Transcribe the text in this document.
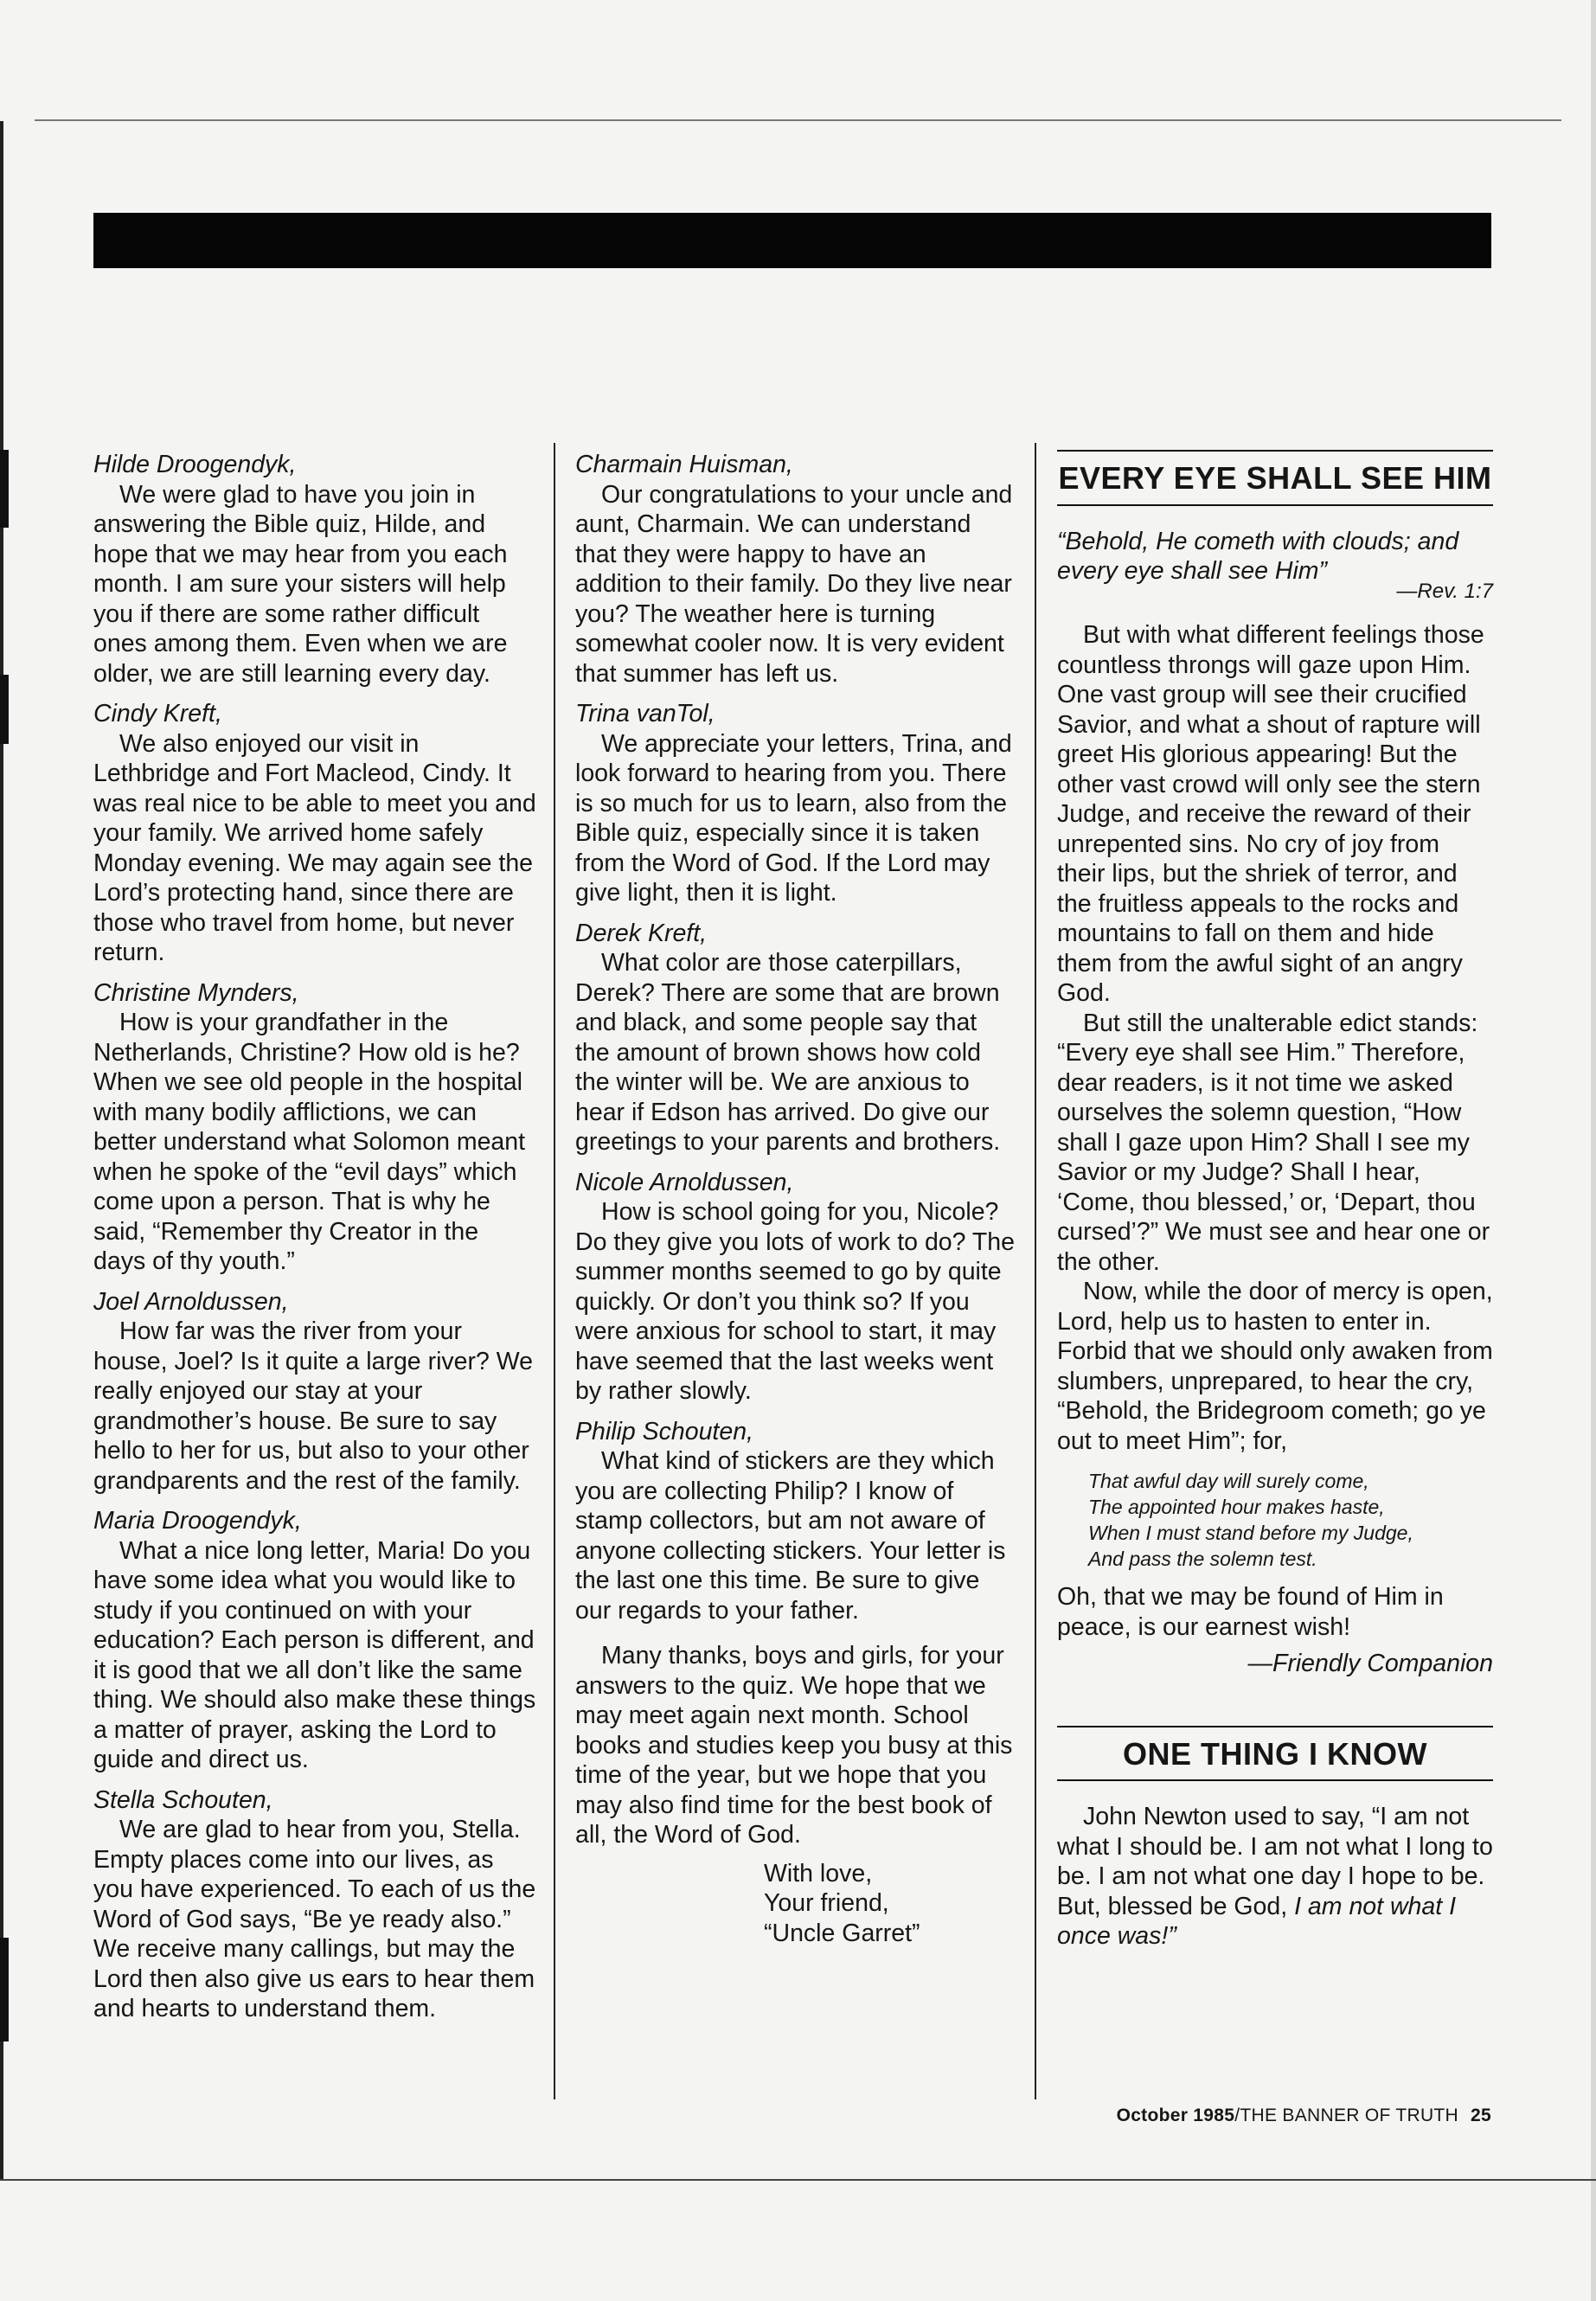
Hilde Droogendyk,
We were glad to have you join in answering the Bible quiz, Hilde, and hope that we may hear from you each month. I am sure your sisters will help you if there are some rather difficult ones among them. Even when we are older, we are still learning every day.
Cindy Kreft,
We also enjoyed our visit in Lethbridge and Fort Macleod, Cindy. It was real nice to be able to meet you and your family. We arrived home safely Monday evening. We may again see the Lord’s protecting hand, since there are those who travel from home, but never return.
Christine Mynders,
How is your grandfather in the Netherlands, Christine? How old is he? When we see old people in the hospital with many bodily afflictions, we can better understand what Solomon meant when he spoke of the “evil days” which come upon a person. That is why he said, “Remember thy Creator in the days of thy youth.”
Joel Arnoldussen,
How far was the river from your house, Joel? Is it quite a large river? We really enjoyed our stay at your grandmother’s house. Be sure to say hello to her for us, but also to your other grandparents and the rest of the family.
Maria Droogendyk,
What a nice long letter, Maria! Do you have some idea what you would like to study if you continued on with your education? Each person is different, and it is good that we all don’t like the same thing. We should also make these things a matter of prayer, asking the Lord to guide and direct us.
Stella Schouten,
We are glad to hear from you, Stella. Empty places come into our lives, as you have experienced. To each of us the Word of God says, “Be ye ready also.” We receive many callings, but may the Lord then also give us ears to hear them and hearts to understand them.
Charmain Huisman,
Our congratulations to your uncle and aunt, Charmain. We can understand that they were happy to have an addition to their family. Do they live near you? The weather here is turning somewhat cooler now. It is very evident that summer has left us.
Trina vanTol,
We appreciate your letters, Trina, and look forward to hearing from you. There is so much for us to learn, also from the Bible quiz, especially since it is taken from the Word of God. If the Lord may give light, then it is light.
Derek Kreft,
What color are those caterpillars, Derek? There are some that are brown and black, and some people say that the amount of brown shows how cold the winter will be. We are anxious to hear if Edson has arrived. Do give our greetings to your parents and brothers.
Nicole Arnoldussen,
How is school going for you, Nicole? Do they give you lots of work to do? The summer months seemed to go by quite quickly. Or don’t you think so? If you were anxious for school to start, it may have seemed that the last weeks went by rather slowly.
Philip Schouten,
What kind of stickers are they which you are collecting Philip? I know of stamp collectors, but am not aware of anyone collecting stickers. Your letter is the last one this time. Be sure to give our regards to your father.
Many thanks, boys and girls, for your answers to the quiz. We hope that we may meet again next month. School books and studies keep you busy at this time of the year, but we hope that you may also find time for the best book of all, the Word of God.
With love,
Your friend,
“Uncle Garret”
EVERY EYE SHALL SEE HIM
“Behold, He cometh with clouds; and every eye shall see Him”
—Rev. 1:7
But with what different feelings those countless throngs will gaze upon Him. One vast group will see their crucified Savior, and what a shout of rapture will greet His glorious appearing! But the other vast crowd will only see the stern Judge, and receive the reward of their unrepented sins. No cry of joy from their lips, but the shriek of terror, and the fruitless appeals to the rocks and mountains to fall on them and hide them from the awful sight of an angry God.
But still the unalterable edict stands: “Every eye shall see Him.” Therefore, dear readers, is it not time we asked ourselves the solemn question, “How shall I gaze upon Him? Shall I see my Savior or my Judge? Shall I hear, ‘Come, thou blessed,’ or, ‘Depart, thou cursed’?” We must see and hear one or the other.
Now, while the door of mercy is open, Lord, help us to hasten to enter in. Forbid that we should only awaken from slumbers, unprepared, to hear the cry, “Behold, the Bridegroom cometh; go ye out to meet Him”; for,
That awful day will surely come,
The appointed hour makes haste,
When I must stand before my Judge,
And pass the solemn test.
Oh, that we may be found of Him in peace, is our earnest wish!
—Friendly Companion
ONE THING I KNOW
John Newton used to say, “I am not what I should be. I am not what I long to be. I am not what one day I hope to be. But, blessed be God, I am not what I once was!”
October 1985/THE BANNER OF TRUTH 25
